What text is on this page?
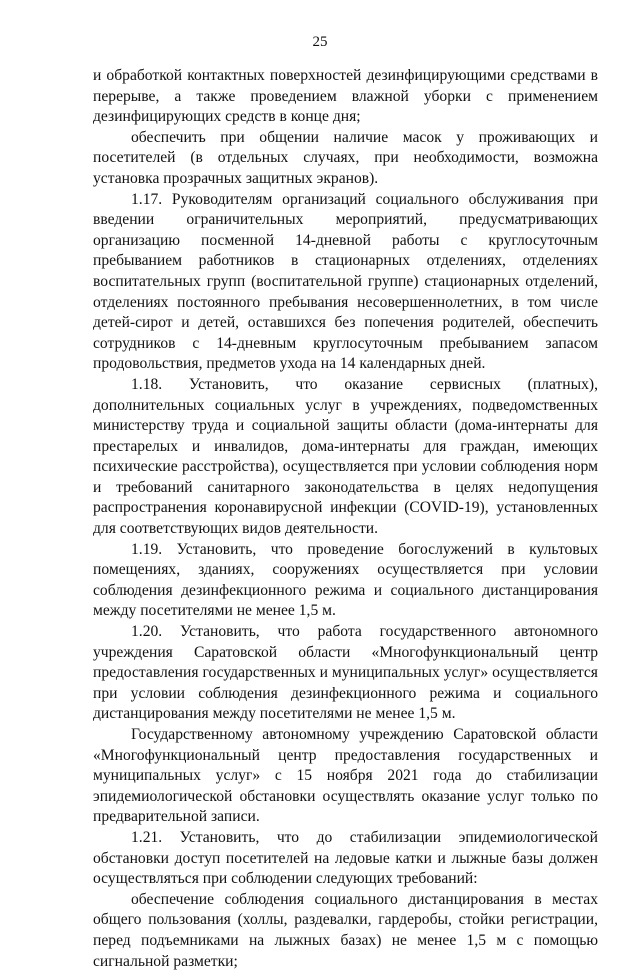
25

и обработкой контактных поверхностей дезинфицирующими средствами в перерыве, а также проведением влажной уборки с применением дезинфицирующих средств в конце дня;

обеспечить при общении наличие масок у проживающих и посетителей (в отдельных случаях, при необходимости, возможна установка прозрачных защитных экранов).

1.17. Руководителям организаций социального обслуживания при введении ограничительных мероприятий, предусматривающих организацию посменной 14-дневной работы с круглосуточным пребыванием работников в стационарных отделениях, отделениях воспитательных групп (воспитательной группе) стационарных отделений, отделениях постоянного пребывания несовершеннолетних, в том числе детей-сирот и детей, оставшихся без попечения родителей, обеспечить сотрудников с 14-дневным круглосуточным пребыванием запасом продовольствия, предметов ухода на 14 календарных дней.

1.18. Установить, что оказание сервисных (платных), дополнительных социальных услуг в учреждениях, подведомственных министерству труда и социальной защиты области (дома-интернаты для престарелых и инвалидов, дома-интернаты для граждан, имеющих психические расстройства), осуществляется при условии соблюдения норм и требований санитарного законодательства в целях недопущения распространения коронавирусной инфекции (COVID-19), установленных для соответствующих видов деятельности.

1.19. Установить, что проведение богослужений в культовых помещениях, зданиях, сооружениях осуществляется при условии соблюдения дезинфекционного режима и социального дистанцирования между посетителями не менее 1,5 м.

1.20. Установить, что работа государственного автономного учреждения Саратовской области «Многофункциональный центр предоставления государственных и муниципальных услуг» осуществляется при условии соблюдения дезинфекционного режима и социального дистанцирования между посетителями не менее 1,5 м.

Государственному автономному учреждению Саратовской области «Многофункциональный центр предоставления государственных и муниципальных услуг» с 15 ноября 2021 года до стабилизации эпидемиологической обстановки осуществлять оказание услуг только по предварительной записи.

1.21. Установить, что до стабилизации эпидемиологической обстановки доступ посетителей на ледовые катки и лыжные базы должен осуществляться при соблюдении следующих требований:

обеспечение соблюдения социального дистанцирования в местах общего пользования (холлы, раздевалки, гардеробы, стойки регистрации, перед подъемниками на лыжных базах) не менее 1,5 м с помощью сигнальной разметки;
